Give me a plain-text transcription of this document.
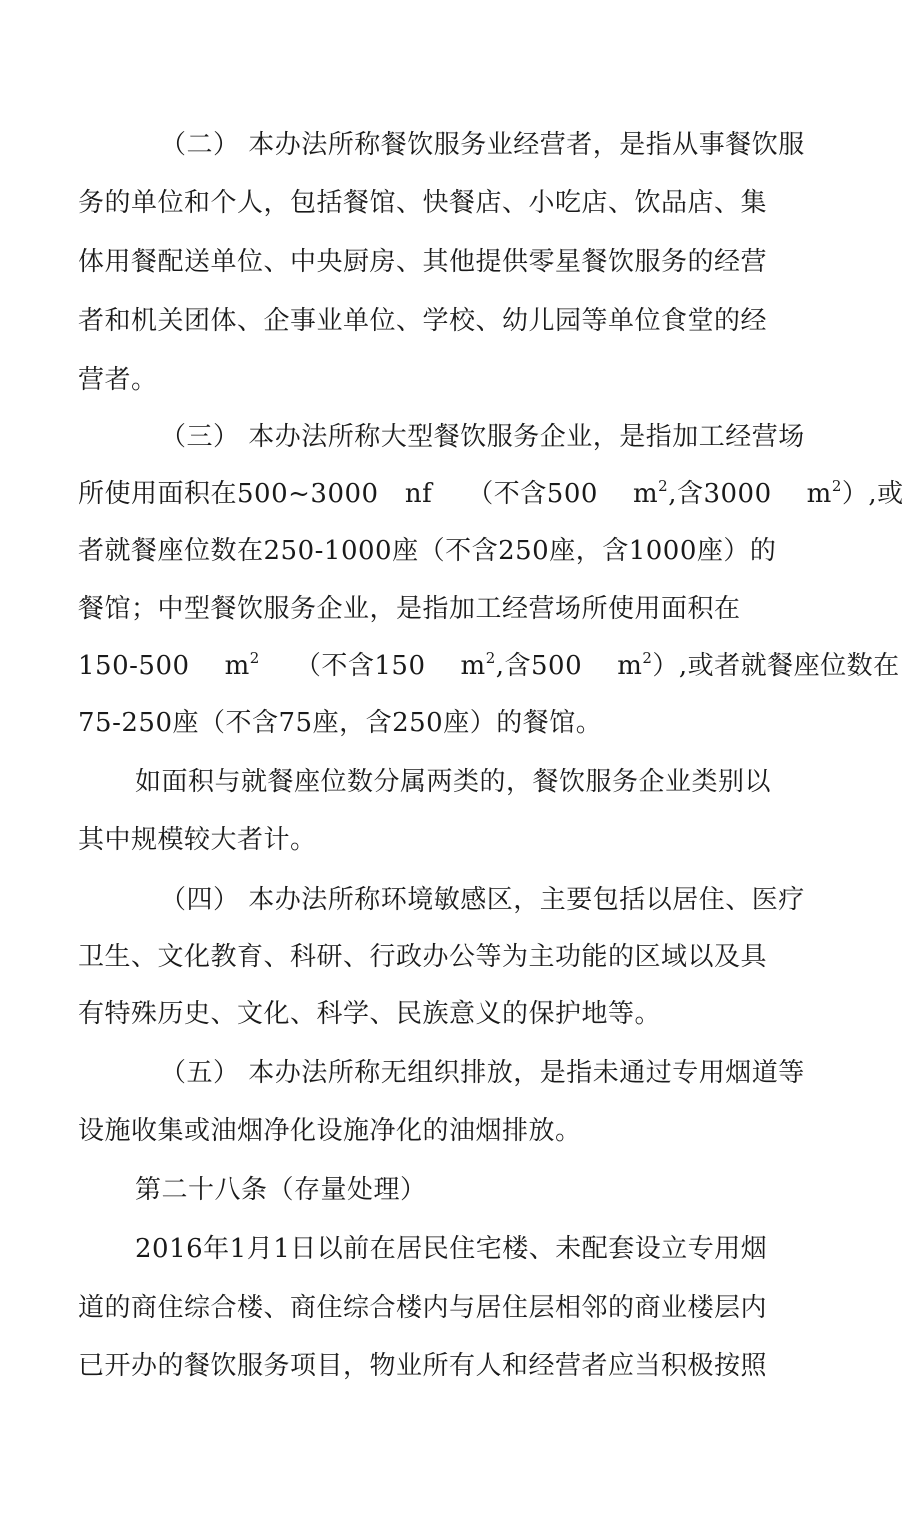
（二） 本办法所称餐饮服务业经营者，是指从事餐饮服
务的单位和个人，包括餐馆、快餐店、小吃店、饮品店、集
体用餐配送单位、中央厨房、其他提供零星餐饮服务的经营
者和机关团体、企事业单位、学校、幼儿园等单位食堂的经
营者。
（三） 本办法所称大型餐饮服务企业，是指加工经营场
所使用面积在500~3000   nf    （不含500    $m^2$,含3000    $m^2$）,或
者就餐座位数在250-1000座（不含250座，含1000座）的
餐馆；中型餐饮服务企业，是指加工经营场所使用面积在
150-500    $m^2$    （不含150    $m^2$,含500    $m^2$）,或者就餐座位数在
75-250座（不含75座，含250座）的餐馆。
如面积与就餐座位数分属两类的，餐饮服务企业类别以
其中规模较大者计。
（四） 本办法所称环境敏感区，主要包括以居住、医疗
卫生、文化教育、科研、行政办公等为主功能的区域以及具
有特殊历史、文化、科学、民族意义的保护地等。
（五） 本办法所称无组织排放，是指未通过专用烟道等
设施收集或油烟净化设施净化的油烟排放。
第二十八条（存量处理）
2016年1月1日以前在居民住宅楼、未配套设立专用烟
道的商住综合楼、商住综合楼内与居住层相邻的商业楼层内
已开办的餐饮服务项目，物业所有人和经营者应当积极按照
